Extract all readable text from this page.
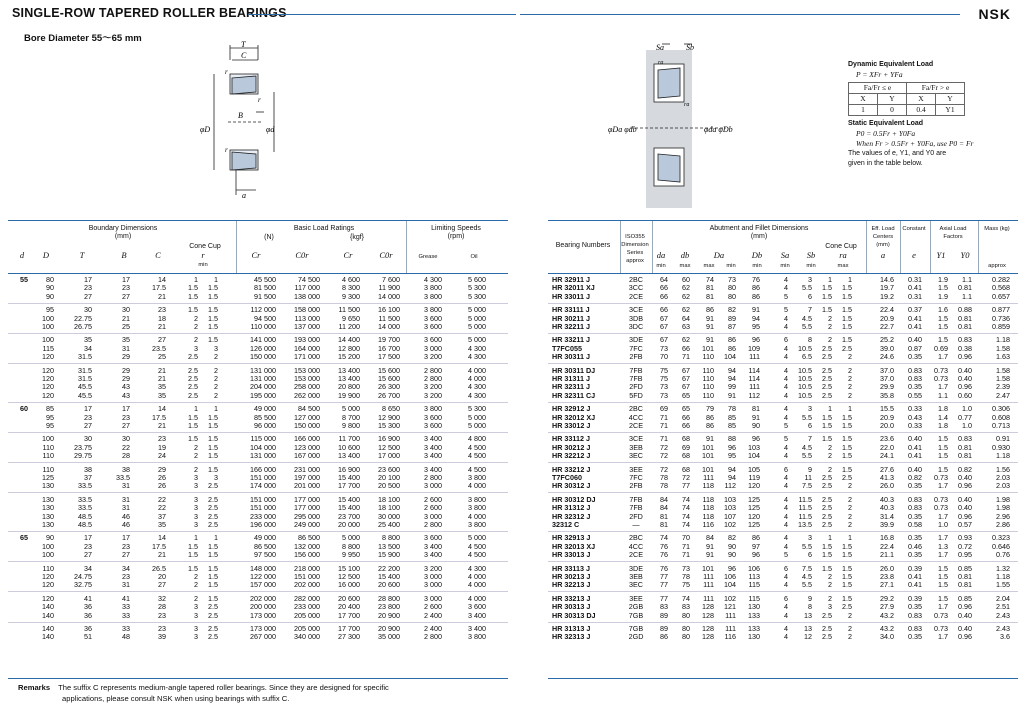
SINGLE-ROW TAPERED ROLLER BEARINGS	NSK
Bore Diameter 55～65 mm
T
C
r
r
B
φD	φd
r
a
Sa	Sb
ra
ra
φDa φdb	φda φDb
Dynamic Equivalent Load
P = XFr + YFa
Fa/Fr ≤ e		Fa/Fr > e	
X	Y	X	Y
1	0	0.4	Y1
Static Equivalent Load
P0 = 0.5Fr + Y0Fa
When Fr > 0.5Fr + Y0Fa, use P0 = Fr
The values of e, Y1, and Y0 are
given in the table below.
Boundary Dimensions
(mm)
Basic Load Ratings
(N)	{kgf}
Limiting Speeds
(rpm)
Cone Cup
d	D	T	B	C	r
min
Cr	C0r	Cr	C0r	Grease	Oil
Bearing Numbers
ISO355 Dimension Series approx
Abutment and Fillet Dimensions
(mm)
Cone Cup
da	db	Da	Db	Sa	Sb	ra
min	max	max	min	min	min	min	max
Eff. Load Centers (mm)
a
Constant
e
Axial Load Factors
Y1	Y0
Mass (kg)
approx
55	80	17	17	14	1	1	45 500	74 500	4 600	7 600	4 300	5 600
90	23	23	17.5	1.5	1.5	81 500	117 000	8 300	11 900	3 800	5 300
90	27	27	21	1.5	1.5	91 500	138 000	9 300	14 000	3 800	5 300
95	30	30	23	1.5	1.5	112 000	158 000	11 500	16 100	3 800	5 000
100	22.75	21	18	2	1.5	94 500	113 000	9 650	11 500	3 600	5 000
100	26.75	25	21	2	1.5	110 000	137 000	11 200	14 000	3 600	5 000
100	35	35	27	2	1.5	141 000	193 000	14 400	19 700	3 600	5 000
115	34	31	23.5	3	3	126 000	164 000	12 800	16 700	3 000	4 300
120	31.5	29	25	2.5	2	150 000	171 000	15 200	17 500	3 200	4 300
120	31.5	29	21	2.5	2	131 000	153 000	13 400	15 600	2 800	4 000
120	31.5	29	21	2.5	2	131 000	153 000	13 400	15 600	2 800	4 000
120	45.5	43	35	2.5	2	204 000	258 000	20 800	26 300	3 200	4 300
120	45.5	43	35	2.5	2	195 000	262 000	19 900	26 700	3 200	4 300
60	85	17	17	14	1	1	49 000	84 500	5 000	8 650	3 800	5 300
95	23	23	17.5	1.5	1.5	85 500	127 000	8 700	12 900	3 600	5 000
95	27	27	21	1.5	1.5	96 000	150 000	9 800	15 300	3 600	5 000
100	30	30	23	1.5	1.5	115 000	166 000	11 700	16 900	3 400	4 800
110	23.75	22	19	2	1.5	104 000	123 000	10 600	12 500	3 400	4 500
110	29.75	28	24	2	1.5	131 000	167 000	13 400	17 000	3 400	4 500
110	38	38	29	2	1.5	166 000	231 000	16 900	23 600	3 400	4 500
125	37	33.5	26	3	3	151 000	197 000	15 400	20 100	2 800	3 800
130	33.5	31	26	3	2.5	174 000	201 000	17 700	20 500	3 000	4 000
130	33.5	31	22	3	2.5	151 000	177 000	15 400	18 100	2 600	3 800
130	33.5	31	22	3	2.5	151 000	177 000	15 400	18 100	2 600	3 800
130	48.5	46	37	3	2.5	233 000	295 000	23 700	30 000	3 000	4 000
130	48.5	46	35	3	2.5	196 000	249 000	20 000	25 400	2 800	3 800
65	90	17	17	14	1	1	49 000	86 500	5 000	8 800	3 600	5 000
100	23	23	17.5	1.5	1.5	86 500	132 000	8 800	13 500	3 400	4 500
100	27	27	21	1.5	1.5	97 500	156 000	9 950	15 900	3 400	4 500
110	34	34	26.5	1.5	1.5	148 000	218 000	15 100	22 200	3 200	4 300
120	24.75	23	20	2	1.5	122 000	151 000	12 500	15 400	3 000	4 000
120	32.75	31	27	2	1.5	157 000	202 000	16 000	20 600	3 000	4 000
120	41	41	32	2	1.5	202 000	282 000	20 600	28 800	3 000	4 000
140	36	33	28	3	2.5	200 000	233 000	20 400	23 800	2 600	3 600
140	36	33	23	3	2.5	173 000	205 000	17 700	20 900	2 400	3 400
140	36	33	23	3	2.5	173 000	205 000	17 700	20 900	2 400	3 400
140	51	48	39	3	2.5	267 000	340 000	27 300	35 000	2 800	3 800
HR 32911 J	2BC	64	60	74	73	76	4	3	1	1	14.6	0.31	1.9	1.1	0.282
HR 32011 XJ	3CC	66	62	81	80	86	4	5.5	1.5	1.5	19.7	0.41	1.5	0.81	0.568
HR 33011 J	2CE	66	62	81	80	86	5	6	1.5	1.5	19.2	0.31	1.9	1.1	0.657
HR 33111 J	3CE	66	62	86	82	91	5	7	1.5	1.5	22.4	0.37	1.6	0.88	0.877
HR 30211 J	3DB	67	64	91	89	94	4	4.5	2	1.5	20.9	0.41	1.5	0.81	0.736
HR 32211 J	3DC	67	63	91	87	95	4	5.5	2	1.5	22.7	0.41	1.5	0.81	0.859
HR 33211 J	3DE	67	62	91	86	96	6	8	2	1.5	25.2	0.40	1.5	0.83	1.18
T7FC055	7FC	73	66	101	86	109	4	10.5	2.5	2.5	39.0	0.87	0.69	0.38	1.58
HR 30311 J	2FB	70	71	110	104	111	4	6.5	2.5	2	24.6	0.35	1.7	0.96	1.63
HR 30311 DJ	7FB	75	67	110	94	114	4	10.5	2.5	2	37.0	0.83	0.73	0.40	1.58
HR 31311 J	7FB	75	67	110	94	114	4	10.5	2.5	2	37.0	0.83	0.73	0.40	1.58
HR 32311 J	2FD	73	67	110	99	111	4	10.5	2.5	2	29.9	0.35	1.7	0.96	2.39
HR 32311 CJ	5FD	73	65	110	91	112	4	10.5	2.5	2	35.8	0.55	1.1	0.60	2.47
HR 32912 J	2BC	69	65	79	78	81	4	3	1	1	15.5	0.33	1.8	1.0	0.306
HR 32012 XJ	4CC	71	66	86	85	91	4	5.5	1.5	1.5	20.9	0.43	1.4	0.77	0.608
HR 33012 J	2CE	71	66	86	85	90	5	6	1.5	1.5	20.0	0.33	1.8	1.0	0.713
HR 33112 J	3CE	71	68	91	88	96	5	7	1.5	1.5	23.6	0.40	1.5	0.83	0.91
HR 30212 J	3EB	72	69	101	96	103	4	4.5	2	1.5	22.0	0.41	1.5	0.81	0.930
HR 32212 J	3EC	72	68	101	95	104	4	5.5	2	1.5	24.1	0.41	1.5	0.81	1.18
HR 33212 J	3EE	72	68	101	94	105	6	9	2	1.5	27.6	0.40	1.5	0.82	1.56
T7FC060	7FC	78	72	111	94	119	4	11	2.5	2.5	41.3	0.82	0.73	0.40	2.03
HR 30312 J	2FB	78	77	118	112	120	4	7.5	2.5	2	26.0	0.35	1.7	0.96	2.03
HR 30312 DJ	7FB	84	74	118	103	125	4	11.5	2.5	2	40.3	0.83	0.73	0.40	1.98
HR 31312 J	7FB	84	74	118	103	125	4	11.5	2.5	2	40.3	0.83	0.73	0.40	1.98
HR 32312 J	2FD	81	74	118	107	120	4	11.5	2.5	2	31.4	0.35	1.7	0.96	2.96
32312 C	—	81	74	116	102	125	4	13.5	2.5	2	39.9	0.58	1.0	0.57	2.86
HR 32913 J	2BC	74	70	84	82	86	4	3	1	1	16.8	0.35	1.7	0.93	0.323
HR 32013 XJ	4CC	76	71	91	90	97	4	5.5	1.5	1.5	22.4	0.46	1.3	0.72	0.646
HR 33013 J	2CE	76	71	91	90	96	5	6	1.5	1.5	21.1	0.35	1.7	0.95	0.76
HR 33113 J	3DE	76	73	101	96	106	6	7.5	1.5	1.5	26.0	0.39	1.5	0.85	1.32
HR 30213 J	3EB	77	78	111	106	113	4	4.5	2	1.5	23.8	0.41	1.5	0.81	1.18
HR 32213 J	3EC	77	75	111	104	115	4	5.5	2	1.5	27.1	0.41	1.5	0.81	1.55
HR 33213 J	3EE	77	74	111	102	115	6	9	2	1.5	29.2	0.39	1.5	0.85	2.04
HR 30313 J	2GB	83	83	128	121	130	4	8	3	2.5	27.9	0.35	1.7	0.96	2.51
HR 30313 DJ	7GB	89	80	128	111	133	4	13	2.5	2	43.2	0.83	0.73	0.40	2.43
HR 31313 J	7GB	89	80	128	111	133	4	13	2.5	2	43.2	0.83	0.73	0.40	2.43
HR 32313 J	2GD	86	80	128	116	130	4	12	2.5	2	34.0	0.35	1.7	0.96	3.6
Remarks The suffix C represents medium-angle tapered roller bearings. Since they are designed for specific
applications, please consult NSK when using bearings with suffix C.
